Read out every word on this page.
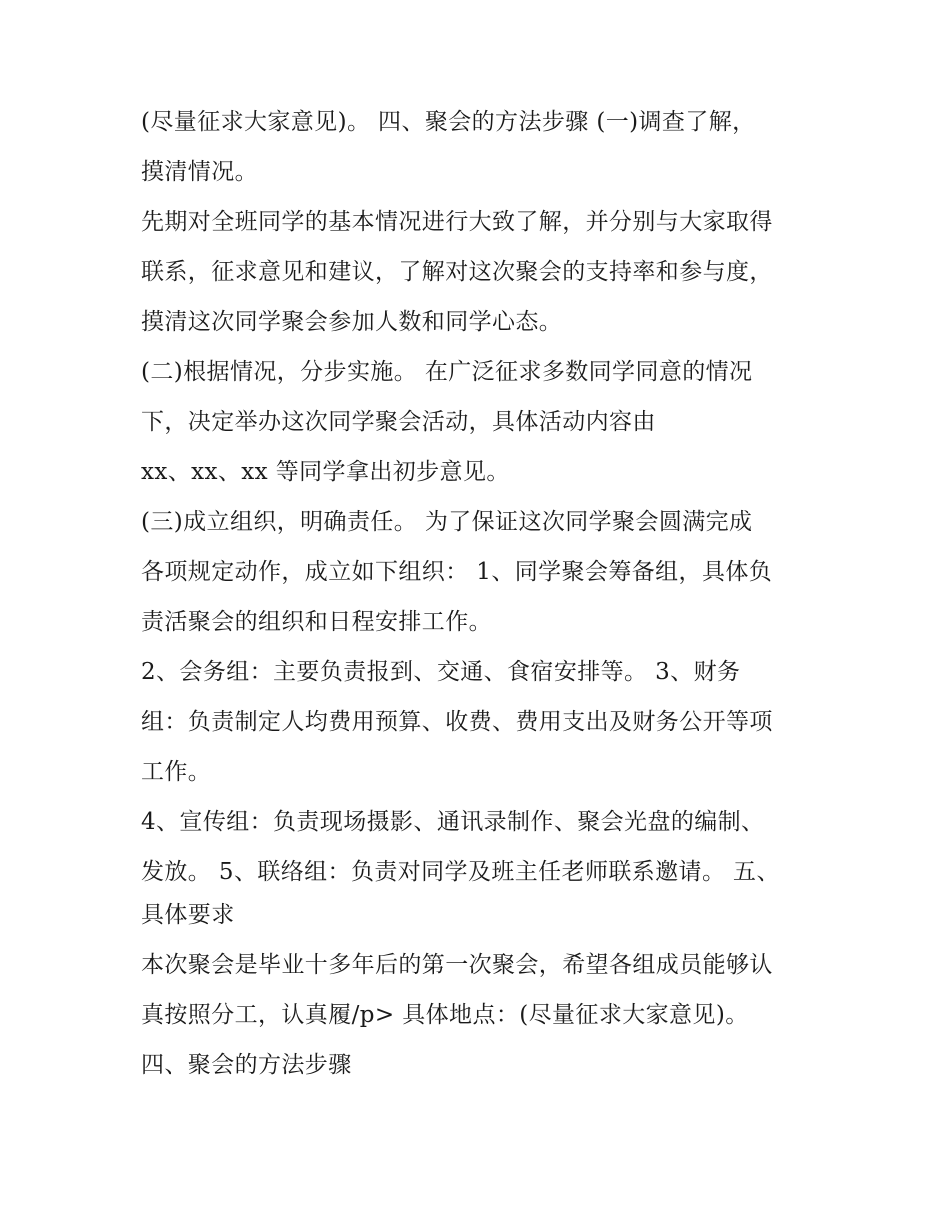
(尽量征求大家意见)。 四、聚会的方法步骤 (一)调查了解，
摸清情况。
先期对全班同学的基本情况进行大致了解，并分别与大家取得
联系，征求意见和建议，了解对这次聚会的支持率和参与度，
摸清这次同学聚会参加人数和同学心态。
(二)根据情况，分步实施。 在广泛征求多数同学同意的情况
下，决定举办这次同学聚会活动，具体活动内容由
xx、xx、xx 等同学拿出初步意见。
(三)成立组织，明确责任。 为了保证这次同学聚会圆满完成
各项规定动作，成立如下组织： 1、同学聚会筹备组，具体负
责活聚会的组织和日程安排工作。
2、会务组：主要负责报到、交通、食宿安排等。 3、财务
组：负责制定人均费用预算、收费、费用支出及财务公开等项
工作。
4、宣传组：负责现场摄影、通讯录制作、聚会光盘的编制、
发放。 5、联络组：负责对同学及班主任老师联系邀请。 五、
具体要求
本次聚会是毕业十多年后的第一次聚会，希望各组成员能够认
真按照分工，认真履/p> 具体地点：(尽量征求大家意见)。
四、聚会的方法步骤
